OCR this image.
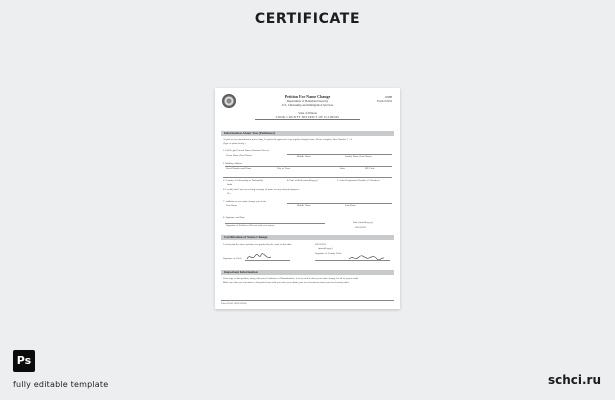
CERTIFICATE
Petition For Name Change
Department of Homeland Security
U.S. Citizenship and Immigration Services
OMB
Form N-652
State of Illinois
COOK COUNTY DISTRICT OF ILLINOIS
Information About You (Petitioner)
As part of my naturalization proceeding, I request the approval of my legally changed name. Please complete Item Number 1 – 8.
(Type or print clearly.)
1. Full Legal Current Name (Surname/Given)
Given Name (First Name)	Middle Name	Family Name (Last Name)
2. Mailing Address
Street Number and Name	City or Town	State	ZIP Code
3. Country of Citizenship or Nationality
India
4. Date of Birth (mm/dd/yyyy)	5. Alien Registration Number (A-Number)
6. I certify that I am not seeking a change of name for any unlawful purpose.
Yes
7. Addition or new name change you desire
First Name	Middle Name	Last Name
8. Signature and Date
Signature of Petitioner (Do not write new name)
Date (mm/dd/yyyy)
09/18/2021
Certification of Name Change
I certify that the above petition was granted by the court on this date:	09/19/2021
(mm/dd/yyyy)
Signature of Clerk
Signature of County Clerk
Important Information
Your copy of this petition, along with your Certificate of Naturalization, is to be used to show your name change for all of your records.
Make sure that you remember to bring this form with you when you obtain your new documents from your local county office.
Form N-652 (09/19/2021)
Ps
fully editable template	schci.ru
